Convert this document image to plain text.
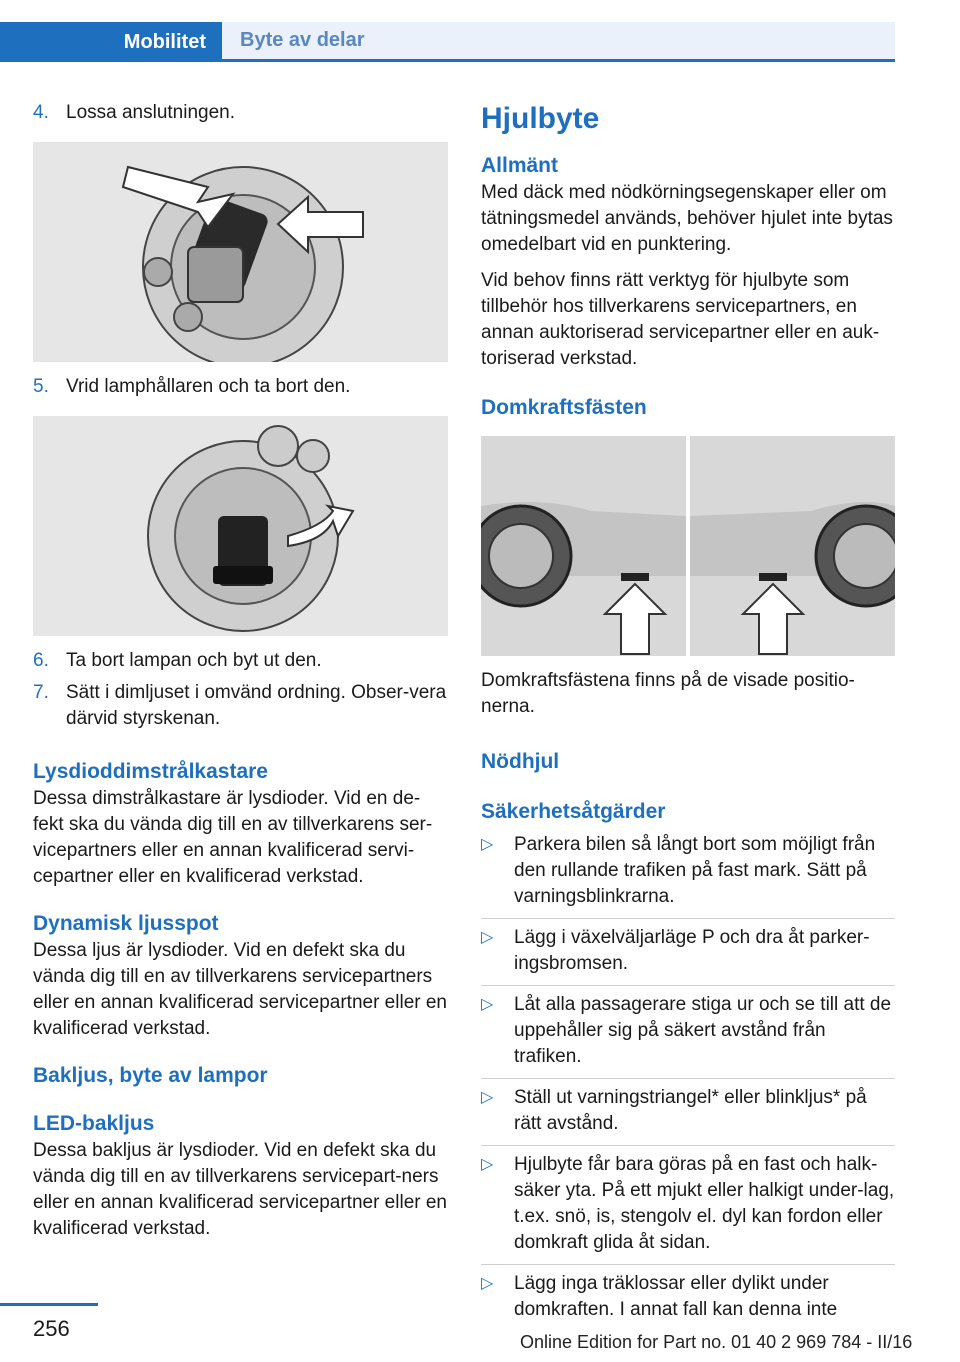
Mobilitet	Byte av delar
4. Lossa anslutningen.
5. Vrid lamphållaren och ta bort den.
6. Ta bort lampan och byt ut den.
7. Sätt i dimljuset i omvänd ordning. Obser-vera därvid styrskenan.
Lysdioddimstrålkastare

Dessa dimstrålkastare är lysdioder. Vid en de-fekt ska du vända dig till en av tillverkarens ser-vicepartners eller en annan kvalificerad servi-cepartner eller en kvalificerad verkstad.

Dynamisk ljusspot

Dessa ljus är lysdioder. Vid en defekt ska du vända dig till en av tillverkarens servicepartners eller en annan kvalificerad servicepartner eller en kvalificerad verkstad.

Bakljus, byte av lampor
LED-bakljus

Dessa bakljus är lysdioder. Vid en defekt ska du vända dig till en av tillverkarens servicepart-ners eller en annan kvalificerad servicepartner eller en kvalificerad verkstad.

Hjulbyte
Allmänt

Med däck med nödkörningsegenskaper eller om tätningsmedel används, behöver hjulet inte bytas omedelbart vid en punktering.

Vid behov finns rätt verktyg för hjulbyte som tillbehör hos tillverkarens servicepartners, en annan auktoriserad servicepartner eller en auk-toriserad verkstad.

Domkraftsfästen

Domkraftsfästena finns på de visade positio-nerna.

Nödhjul
Säkerhetsåtgärder
▷	Parkera bilen så långt bort som möjligt från den rullande trafiken på fast mark. Sätt på varningsblinkrarna.
▷	Lägg i växelväljarläge P och dra åt parker-ingsbromsen.
▷	Låt alla passagerare stiga ur och se till att de uppehåller sig på säkert avstånd från trafiken.
▷	Ställ ut varningstriangel* eller blinkljus* på rätt avstånd.
▷	Hjulbyte får bara göras på en fast och halk-säker yta. På ett mjukt eller halkigt under-lag, t.ex. snö, is, stengolv el. dyl kan fordon eller domkraft glida åt sidan.
▷	Lägg inga träklossar eller dylikt under domkraften. I annat fall kan denna inte
256
Online Edition for Part no. 01 40 2 969 784 - II/16
